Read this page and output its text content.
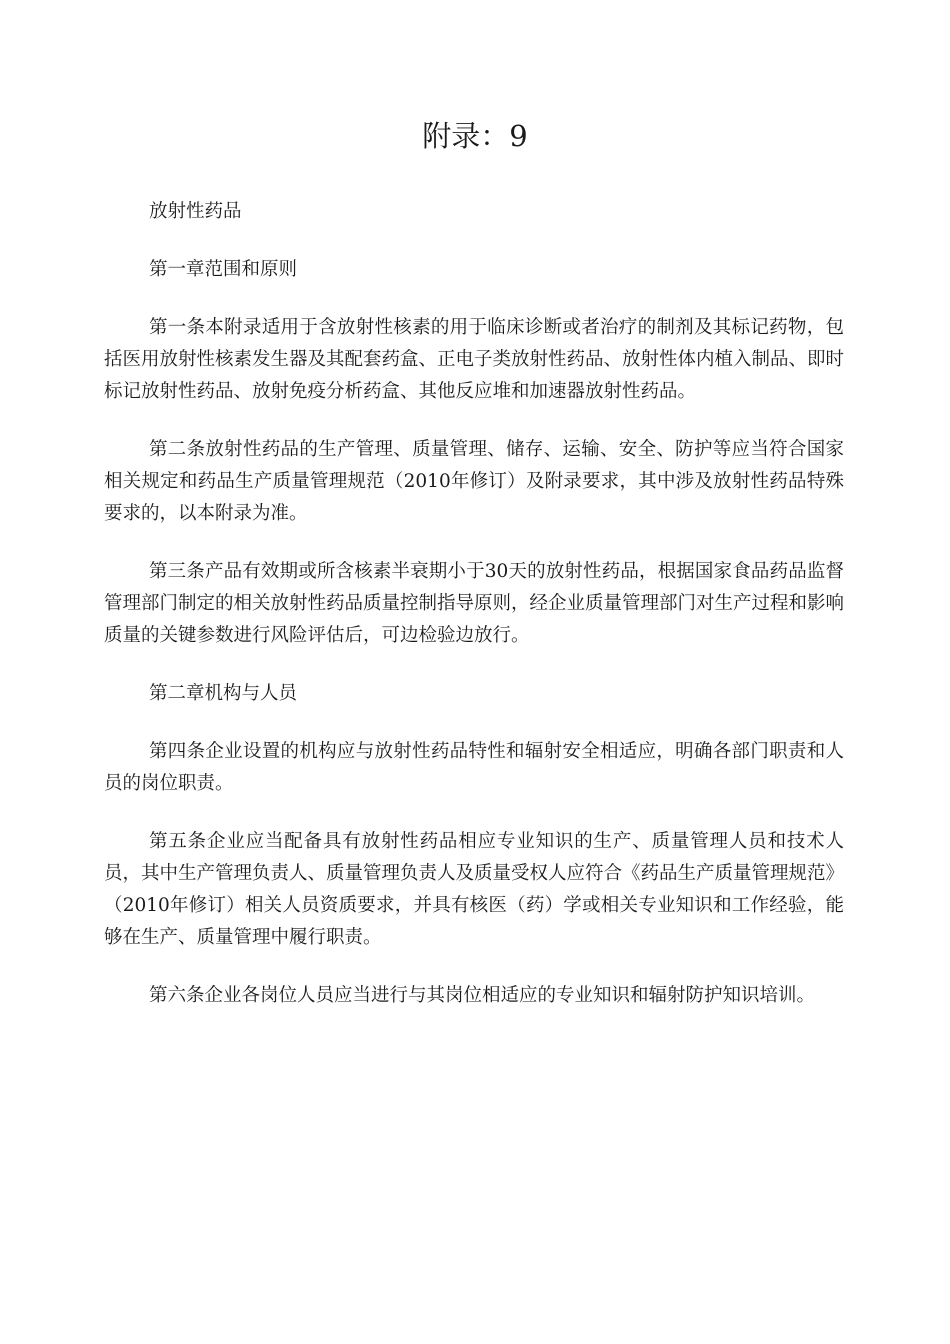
附录：9

放射性药品

第一章范围和原则

第一条本附录适用于含放射性核素的用于临床诊断或者治疗的制剂及其标记药物，包括医用放射性核素发生器及其配套药盒、正电子类放射性药品、放射性体内植入制品、即时标记放射性药品、放射免疫分析药盒、其他反应堆和加速器放射性药品。

第二条放射性药品的生产管理、质量管理、储存、运输、安全、防护等应当符合国家相关规定和药品生产质量管理规范（2010年修订）及附录要求，其中涉及放射性药品特殊要求的，以本附录为准。

第三条产品有效期或所含核素半衰期小于30天的放射性药品，根据国家食品药品监督管理部门制定的相关放射性药品质量控制指导原则，经企业质量管理部门对生产过程和影响质量的关键参数进行风险评估后，可边检验边放行。

第二章机构与人员

第四条企业设置的机构应与放射性药品特性和辐射安全相适应，明确各部门职责和人员的岗位职责。

第五条企业应当配备具有放射性药品相应专业知识的生产、质量管理人员和技术人员，其中生产管理负责人、质量管理负责人及质量受权人应符合《药品生产质量管理规范》（2010年修订）相关人员资质要求，并具有核医（药）学或相关专业知识和工作经验，能够在生产、质量管理中履行职责。

第六条企业各岗位人员应当进行与其岗位相适应的专业知识和辐射防护知识培训。
